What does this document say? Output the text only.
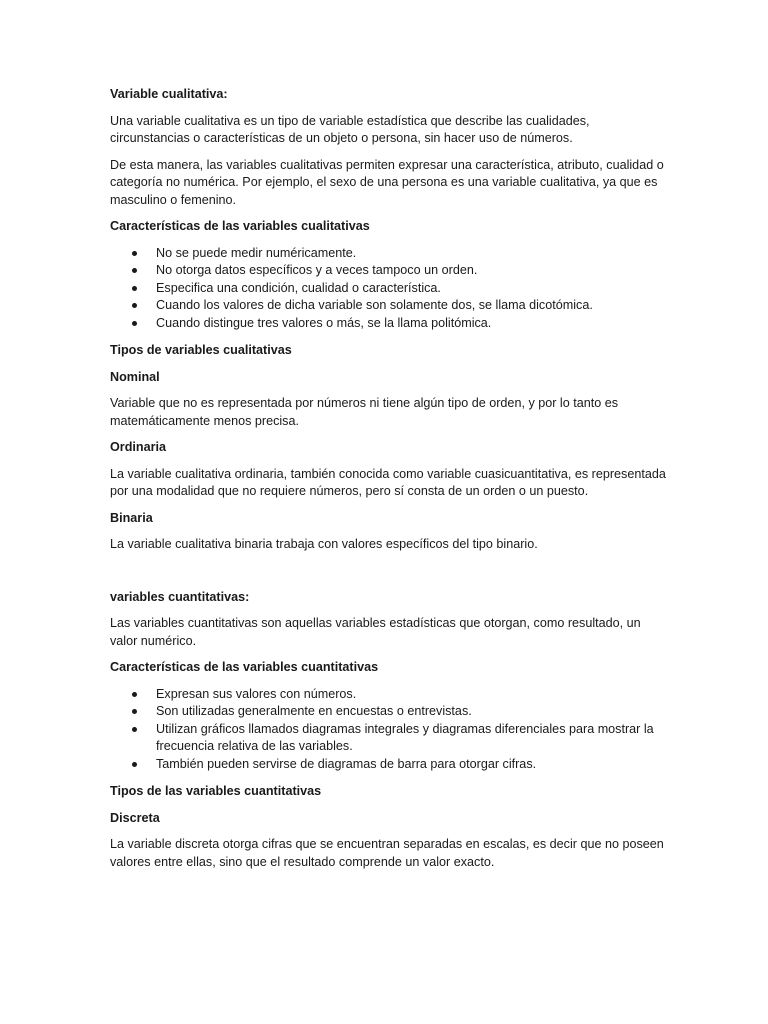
Variable cualitativa:

Una variable cualitativa es un tipo de variable estadística que describe las cualidades, circunstancias o características de un objeto o persona, sin hacer uso de números.

De esta manera, las variables cualitativas permiten expresar una característica, atributo, cualidad o categoría no numérica. Por ejemplo, el sexo de una persona es una variable cualitativa, ya que es masculino o femenino.

Características de las variables cualitativas
No se puede medir numéricamente.
No otorga datos específicos y a veces tampoco un orden.
Especifica una condición, cualidad o característica.
Cuando los valores de dicha variable son solamente dos, se llama dicotómica.
Cuando distingue tres valores o más, se la llama politómica.
Tipos de variables cualitativas
Nominal

Variable que no es representada por números ni tiene algún tipo de orden, y por lo tanto es matemáticamente menos precisa.

Ordinaria

La variable cualitativa ordinaria, también conocida como variable cuasicuantitativa, es representada por una modalidad que no requiere números, pero sí consta de un orden o un puesto.

Binaria

La variable cualitativa binaria trabaja con valores específicos del tipo binario.

variables cuantitativas:

Las variables cuantitativas son aquellas variables estadísticas que otorgan, como resultado, un valor numérico.

Características de las variables cuantitativas
Expresan sus valores con números.
Son utilizadas generalmente en encuestas o entrevistas.
Utilizan gráficos llamados diagramas integrales y diagramas diferenciales para mostrar la frecuencia relativa de las variables.
También pueden servirse de diagramas de barra para otorgar cifras.
Tipos de las variables cuantitativas
Discreta

La variable discreta otorga cifras que se encuentran separadas en escalas, es decir que no poseen valores entre ellas, sino que el resultado comprende un valor exacto.
